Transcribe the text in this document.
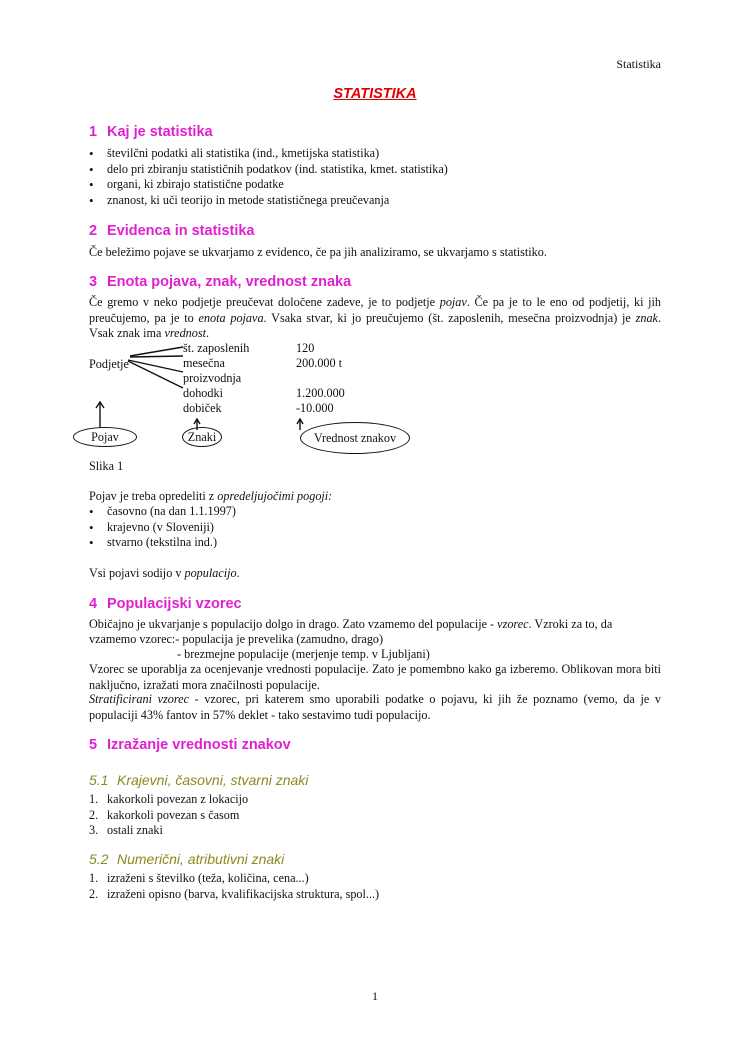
Statistika
STATISTIKA
1 Kaj je statistika
• številčni podatki ali statistika (ind., kmetijska statistika)
• delo pri zbiranju statističnih podatkov (ind. statistika, kmet. statistika)
• organi, ki zbirajo statistične podatke
• znanost, ki uči teorijo in metode statističnega preučevanja
2 Evidenca in statistika
Če beležimo pojave se ukvarjamo z evidenco, če pa jih analiziramo, se ukvarjamo s statistiko.
3 Enota pojava, znak, vrednost znaka
Če gremo v neko podjetje preučevat določene zadeve, je to podjetje pojav. Če pa je to le eno od podjetij, ki jih preučujemo, pa je to enota pojava. Vsaka stvar, ki jo preučujemo (št. zaposlenih, mesečna proizvodnja) je znak. Vsak znak ima vrednost.
Podjetje
št. zaposlenih
mesečna
proizvodnja
dohodki
dobiček
120
200.000 t
1.200.000
-10.000
Pojav	Znaki	Vrednost znakov
Slika 1
Pojav je treba opredeliti z opredeljujočimi pogoji:
• časovno (na dan 1.1.1997)
• krajevno (v Sloveniji)
• stvarno (tekstilna ind.)
Vsi pojavi sodijo v populacijo.
4 Populacijski vzorec
Običajno je ukvarjanje s populacijo dolgo in drago. Zato vzamemo del populacije - vzorec. Vzroki za to, da
vzamemo vzorec:- populacija je prevelika (zamudno, drago)
- brezmejne populacije (merjenje temp. v Ljubljani)
Vzorec se uporablja za ocenjevanje vrednosti populacije. Zato je pomembno kako ga izberemo. Oblikovan mora biti naključno, izražati mora značilnosti populacije.
Stratificirani vzorec - vzorec, pri katerem smo uporabili podatke o pojavu, ki jih že poznamo (vemo, da je v populaciji 43% fantov in 57% deklet - tako sestavimo tudi populacijo.
5 Izražanje vrednosti znakov
5.1 Krajevni, časovni, stvarni znaki
1. kakorkoli povezan z lokacijo
2. kakorkoli povezan s časom
3. ostali znaki
5.2 Numerični, atributivni znaki
1. izraženi s številko (teža, količina, cena...)
2. izraženi opisno (barva, kvalifikacijska struktura, spol...)
1
